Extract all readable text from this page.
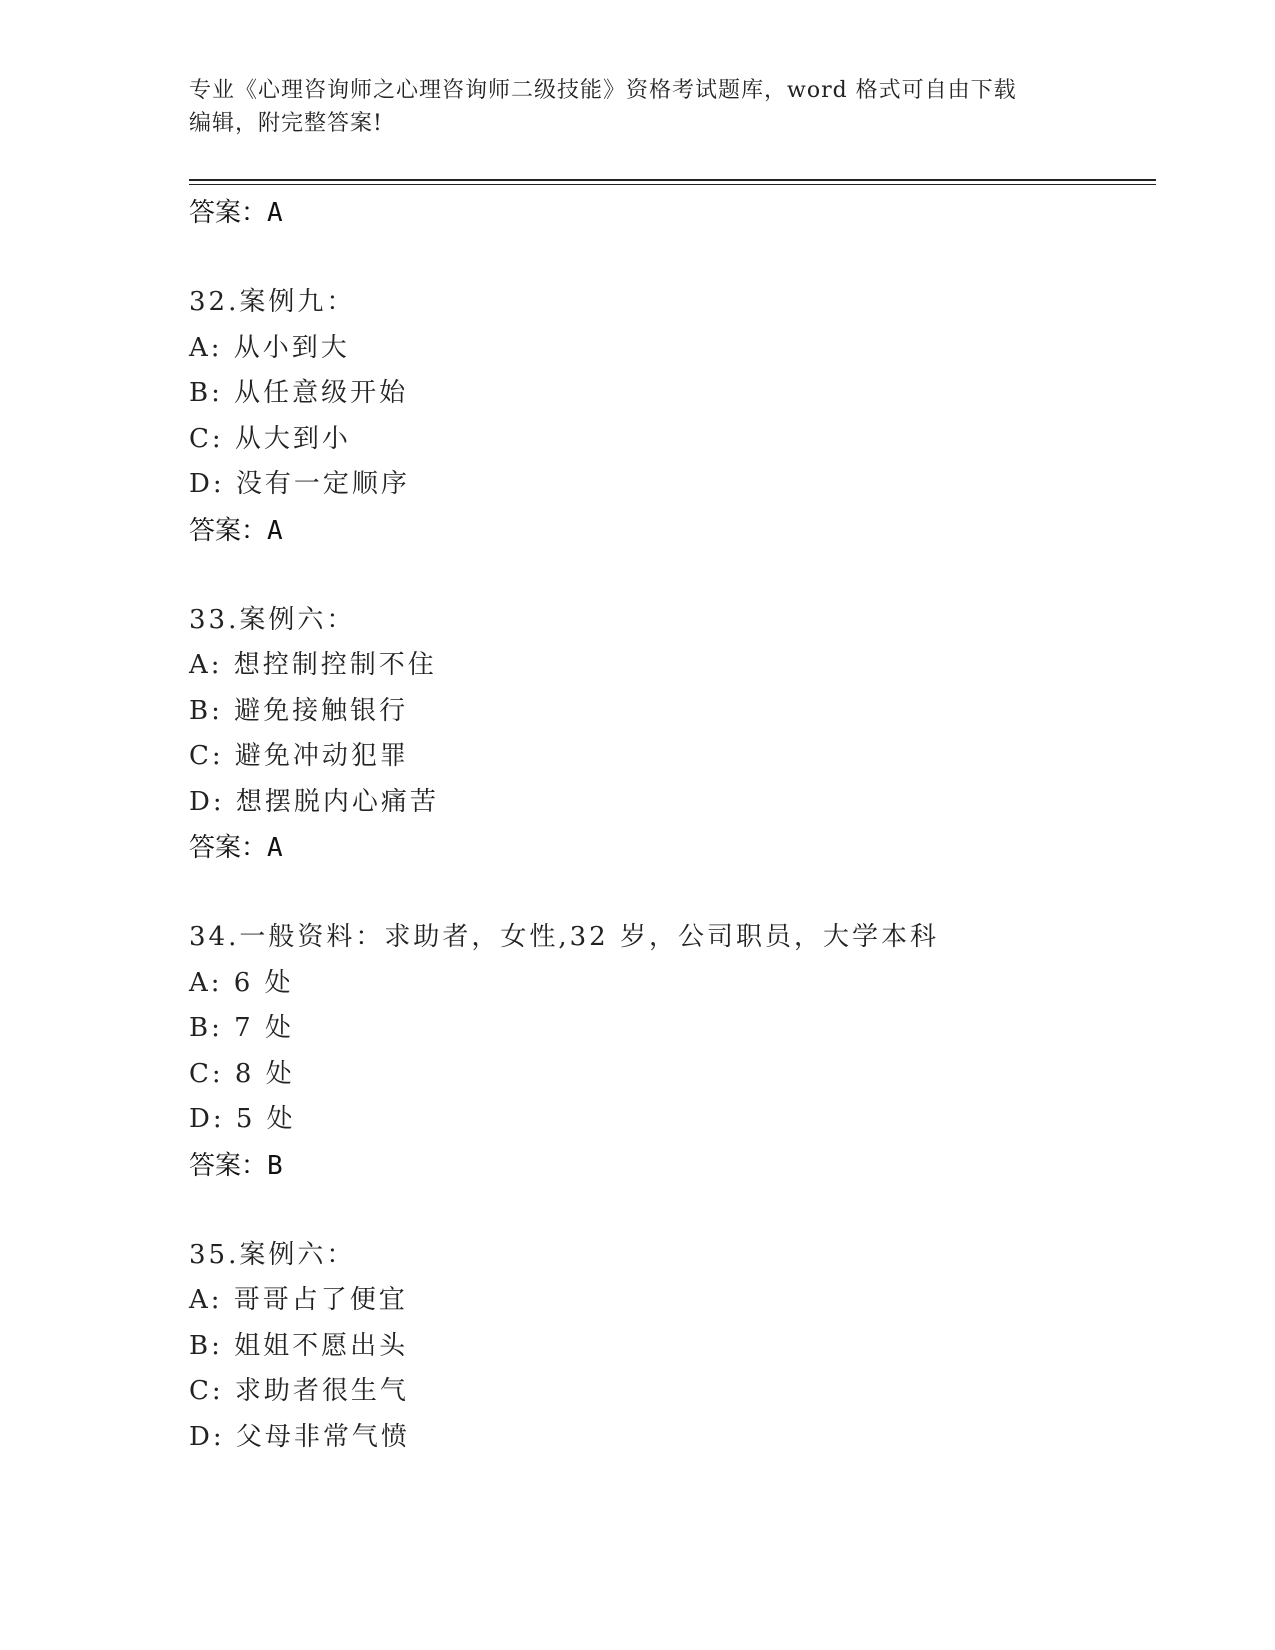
专业《心理咨询师之心理咨询师二级技能》资格考试题库，word 格式可自由下载
编辑，附完整答案!
答案：A
32.案例九：
A: 从小到大
B: 从任意级开始
C: 从大到小
D: 没有一定顺序
答案：A
33.案例六：
A: 想控制控制不住
B: 避免接触银行
C: 避免冲动犯罪
D: 想摆脱内心痛苦
答案：A
34.一般资料：求助者，女性,32 岁，公司职员，大学本科
A: 6 处
B: 7 处
C: 8 处
D: 5 处
答案：B
35.案例六：
A: 哥哥占了便宜
B: 姐姐不愿出头
C: 求助者很生气
D: 父母非常气愤
